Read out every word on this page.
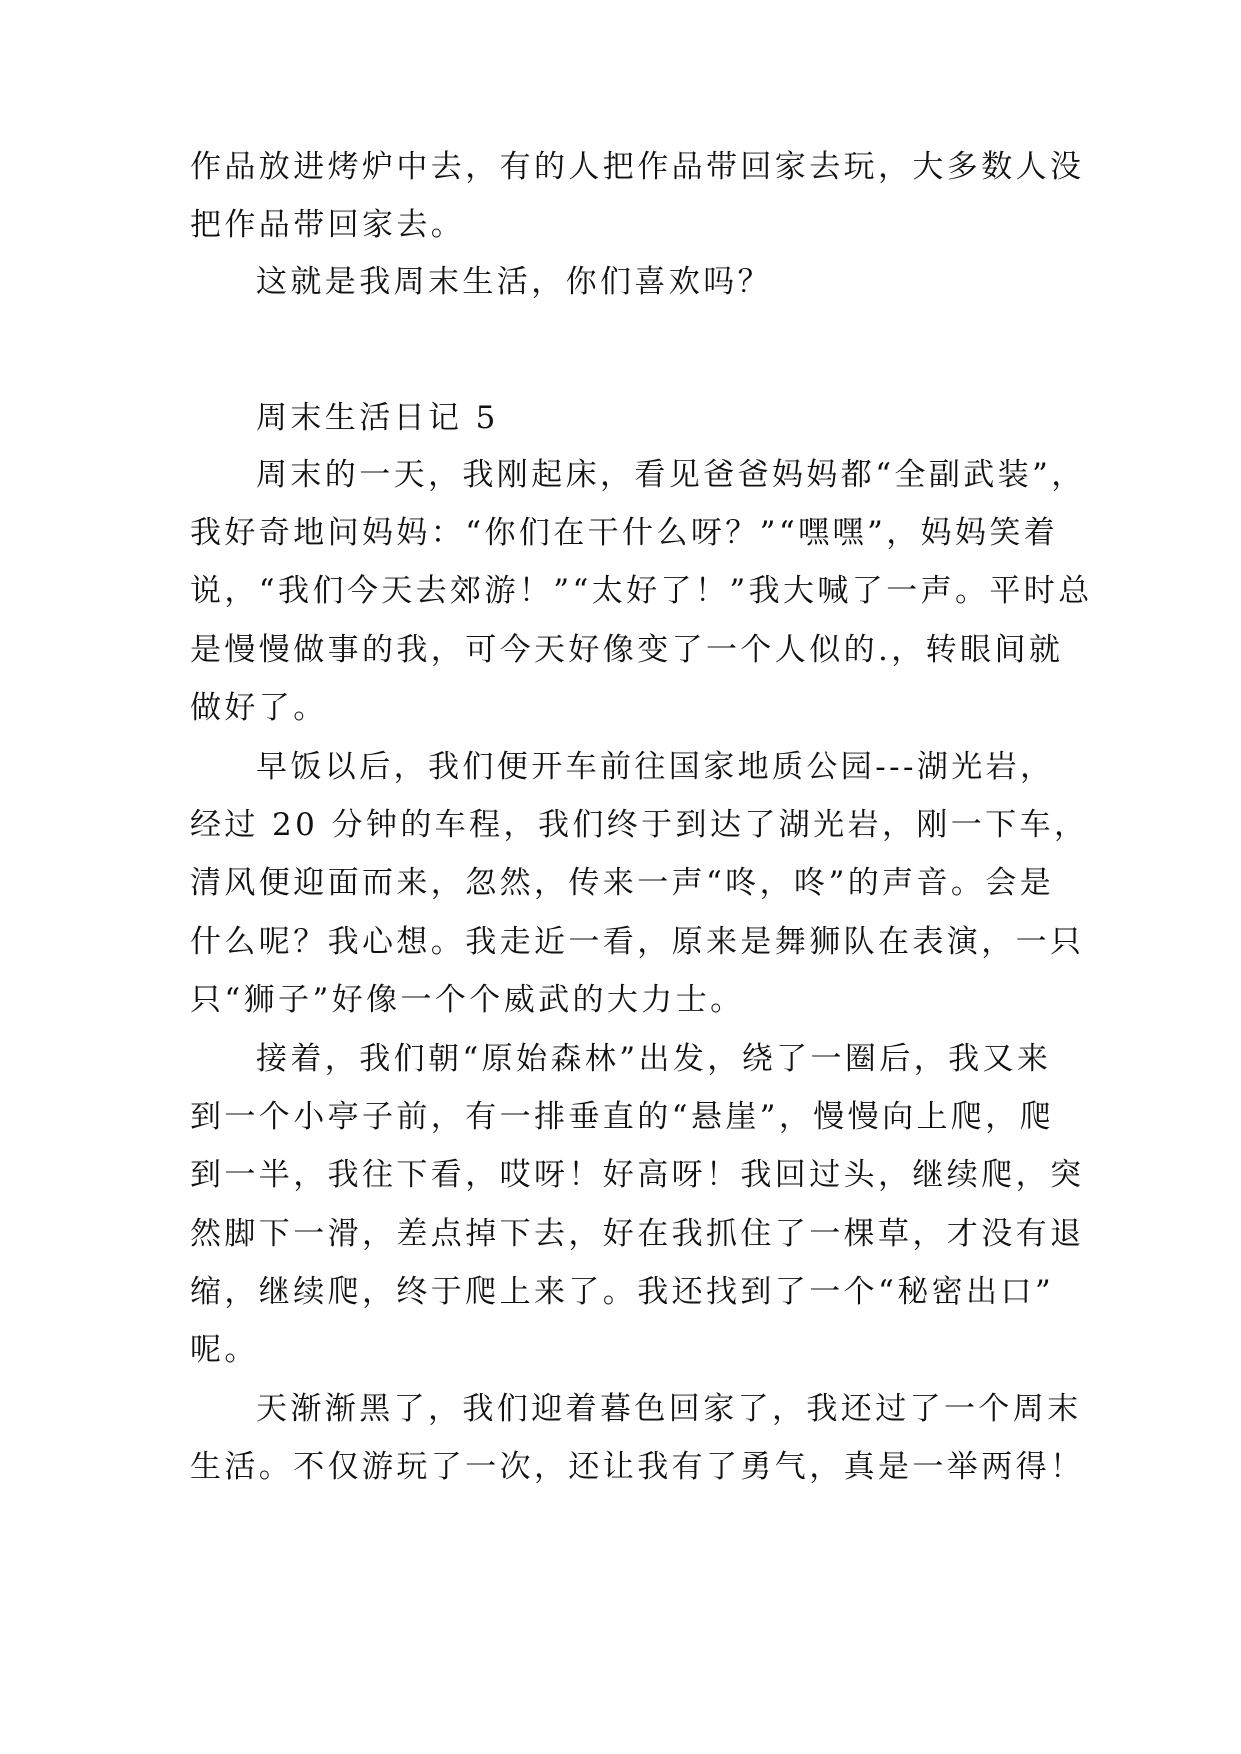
作品放进烤炉中去，有的人把作品带回家去玩，大多数人没
把作品带回家去。
这就是我周末生活，你们喜欢吗？
周末生活日记 5
周末的一天，我刚起床，看见爸爸妈妈都“全副武装”，
我好奇地问妈妈：“你们在干什么呀？”“嘿嘿”，妈妈笑着
说，“我们今天去郊游！”“太好了！”我大喊了一声。平时总
是慢慢做事的我，可今天好像变了一个人似的.，转眼间就
做好了。
早饭以后，我们便开车前往国家地质公园---湖光岩，
经过 20 分钟的车程，我们终于到达了湖光岩，刚一下车，
清风便迎面而来，忽然，传来一声“咚，咚”的声音。会是
什么呢？我心想。我走近一看，原来是舞狮队在表演，一只
只“狮子”好像一个个威武的大力士。
接着，我们朝“原始森林”出发，绕了一圈后，我又来
到一个小亭子前，有一排垂直的“悬崖”，慢慢向上爬，爬
到一半，我往下看，哎呀！好高呀！我回过头，继续爬，突
然脚下一滑，差点掉下去，好在我抓住了一棵草，才没有退
缩，继续爬，终于爬上来了。我还找到了一个“秘密出口”
呢。
天渐渐黑了，我们迎着暮色回家了，我还过了一个周末
生活。不仅游玩了一次，还让我有了勇气，真是一举两得！
